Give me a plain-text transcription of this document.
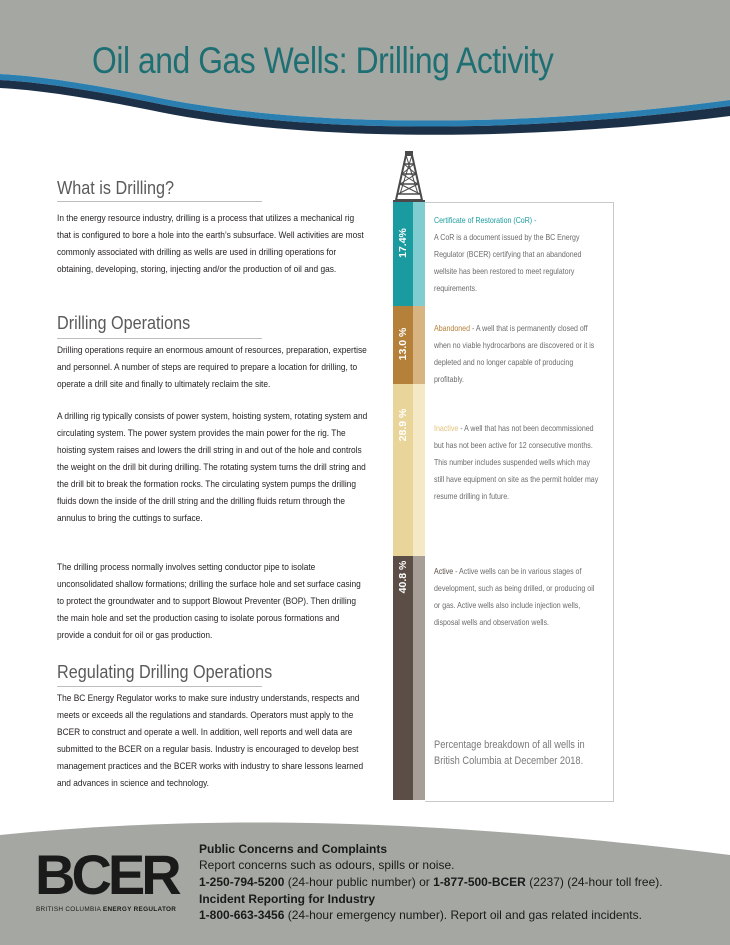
Oil and Gas Wells: Drilling Activity
What is Drilling?
In the energy resource industry, drilling is a process that utilizes a mechanical rig that is configured to bore a hole into the earth’s subsurface. Well activities are most commonly associated with drilling as wells are used in drilling operations for obtaining, developing, storing, injecting and/or the production of oil and gas.
Drilling Operations
Drilling operations require an enormous amount of resources, preparation, expertise and personnel. A number of steps are required to prepare a location for drilling, to operate a drill site and finally to ultimately reclaim the site.
A drilling rig typically consists of power system, hoisting system, rotating system and circulating system. The power system provides the main power for the rig. The hoisting system raises and lowers the drill string in and out of the hole and controls the weight on the drill bit during drilling. The rotating system turns the drill string and the drill bit to break the formation rocks. The circulating system pumps the drilling fluids down the inside of the drill string and the drilling fluids return through the annulus to bring the cuttings to surface.
The drilling process normally involves setting conductor pipe to isolate unconsolidated shallow formations; drilling the surface hole and set surface casing to protect the groundwater and to support Blowout Preventer (BOP). Then drilling the main hole and set the production casing to isolate porous formations and provide a conduit for oil or gas production.
Regulating Drilling Operations
The BC Energy Regulator works to make sure industry understands, respects and meets or exceeds all the regulations and standards. Operators must apply to the BCER to construct and operate a well. In addition, well reports and well data are submitted to the BCER on a regular basis. Industry is encouraged to develop best management practices and the BCER works with industry to share lessons learned and advances in science and technology.
17.4%
13.0 %
28.9 %
40.8 %
Certificate of Restoration (CoR) -
A CoR is a document issued by the BC Energy Regulator (BCER) certifying that an abandoned wellsite has been restored to meet regulatory requirements.
Abandoned - A well that is permanently closed off when no viable hydrocarbons are discovered or it is depleted and no longer capable of producing profitably.
Inactive - A well that has not been decommissioned but has not been active for 12 consecutive months. This number includes suspended wells which may still have equipment on site as the permit holder may resume drilling in future.
Active - Active wells can be in various stages of development, such as being drilled, or producing oil or gas. Active wells also include injection wells, disposal wells and observation wells.
Percentage breakdown of all wells in British Columbia at December 2018.
BCER
BRITISH COLUMBIA ENERGY REGULATOR
Public Concerns and Complaints
Report concerns such as odours, spills or noise.
1-250-794-5200 (24-hour public number) or 1-877-500-BCER (2237) (24-hour toll free).
Incident Reporting for Industry
1-800-663-3456 (24-hour emergency number). Report oil and gas related incidents.
